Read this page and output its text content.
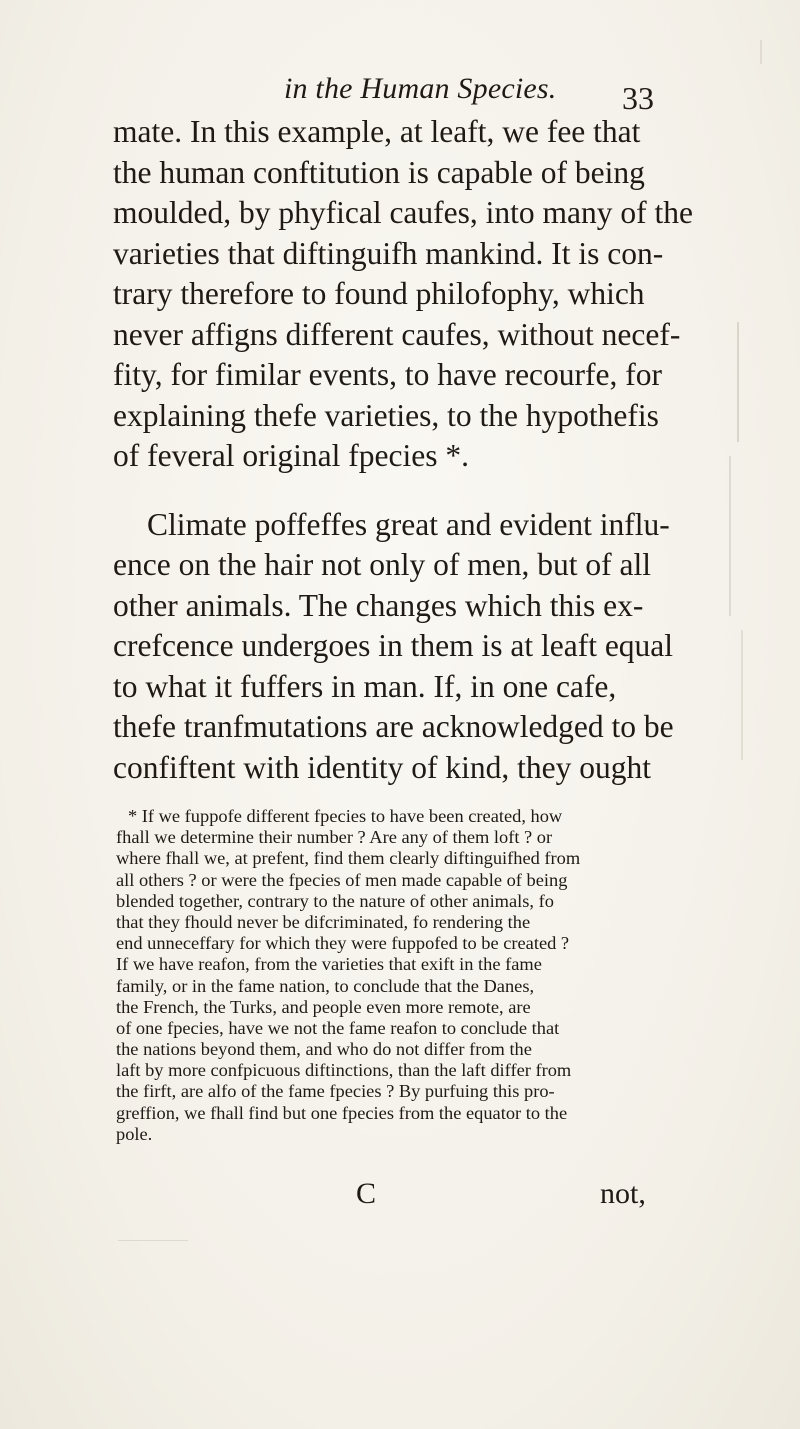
in the Human Species. 33
mate. In this example, at leaft, we fee that
the human conftitution is capable of being
moulded, by phyfical caufes, into many of the
varieties that diftinguifh mankind. It is con-
trary therefore to found philofophy, which
never affigns different caufes, without necef-
fity, for fimilar events, to have recourfe, for
explaining thefe varieties, to the hypothefis
of feveral original fpecies *.
Climate poffeffes great and evident influ-
ence on the hair not only of men, but of all
other animals. The changes which this ex-
crefcence undergoes in them is at leaft equal
to what it fuffers in man. If, in one cafe,
thefe tranfmutations are acknowledged to be
confiftent with identity of kind, they ought
* If we fuppofe different fpecies to have been created, how
fhall we determine their number ? Are any of them loft ? or
where fhall we, at prefent, find them clearly diftinguifhed from
all others ? or were the fpecies of men made capable of being
blended together, contrary to the nature of other animals, fo
that they fhould never be difcriminated, fo rendering the
end unneceffary for which they were fuppofed to be created ?
If we have reafon, from the varieties that exift in the fame
family, or in the fame nation, to conclude that the Danes,
the French, the Turks, and people even more remote, are
of one fpecies, have we not the fame reafon to conclude that
the nations beyond them, and who do not differ from the
laft by more confpicuous diftinctions, than the laft differ from
the firft, are alfo of the fame fpecies ? By purfuing this pro-
greffion, we fhall find but one fpecies from the equator to the
pole.
C	not,
